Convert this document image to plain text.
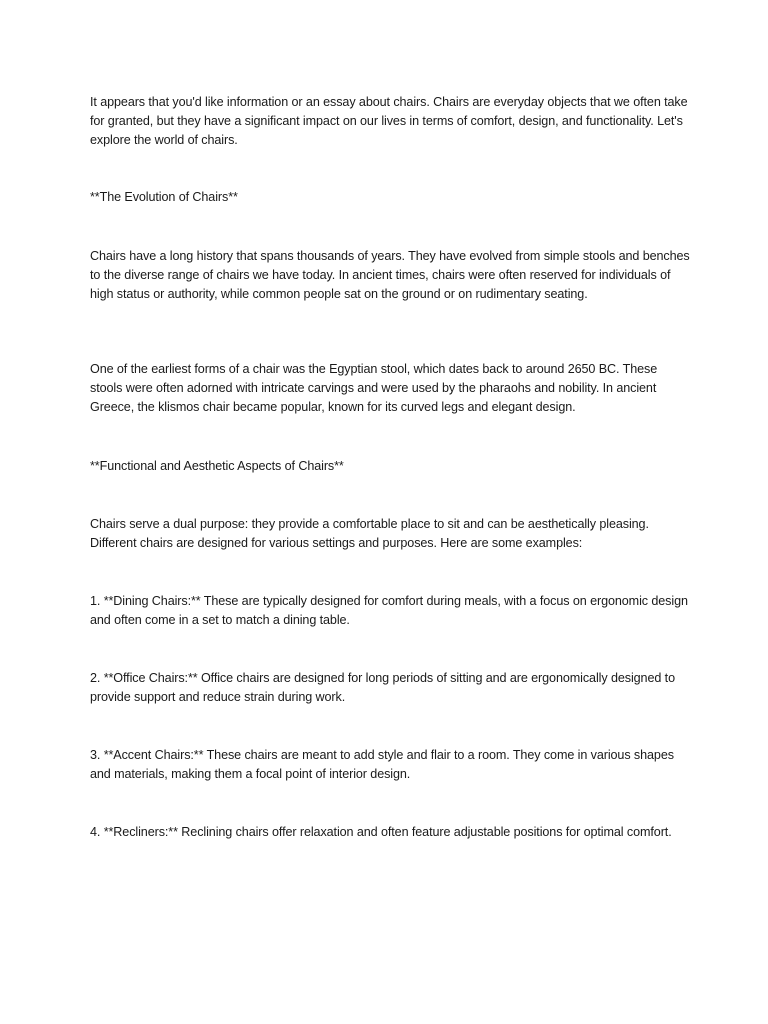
It appears that you'd like information or an essay about chairs. Chairs are everyday objects that we often take for granted, but they have a significant impact on our lives in terms of comfort, design, and functionality. Let's explore the world of chairs.

**The Evolution of Chairs**

Chairs have a long history that spans thousands of years. They have evolved from simple stools and benches to the diverse range of chairs we have today. In ancient times, chairs were often reserved for individuals of high status or authority, while common people sat on the ground or on rudimentary seating.

One of the earliest forms of a chair was the Egyptian stool, which dates back to around 2650 BC. These stools were often adorned with intricate carvings and were used by the pharaohs and nobility. In ancient Greece, the klismos chair became popular, known for its curved legs and elegant design.

**Functional and Aesthetic Aspects of Chairs**

Chairs serve a dual purpose: they provide a comfortable place to sit and can be aesthetically pleasing. Different chairs are designed for various settings and purposes. Here are some examples:

1. **Dining Chairs:** These are typically designed for comfort during meals, with a focus on ergonomic design and often come in a set to match a dining table.

2. **Office Chairs:** Office chairs are designed for long periods of sitting and are ergonomically designed to provide support and reduce strain during work.

3. **Accent Chairs:** These chairs are meant to add style and flair to a room. They come in various shapes and materials, making them a focal point of interior design.

4. **Recliners:** Reclining chairs offer relaxation and often feature adjustable positions for optimal comfort.
